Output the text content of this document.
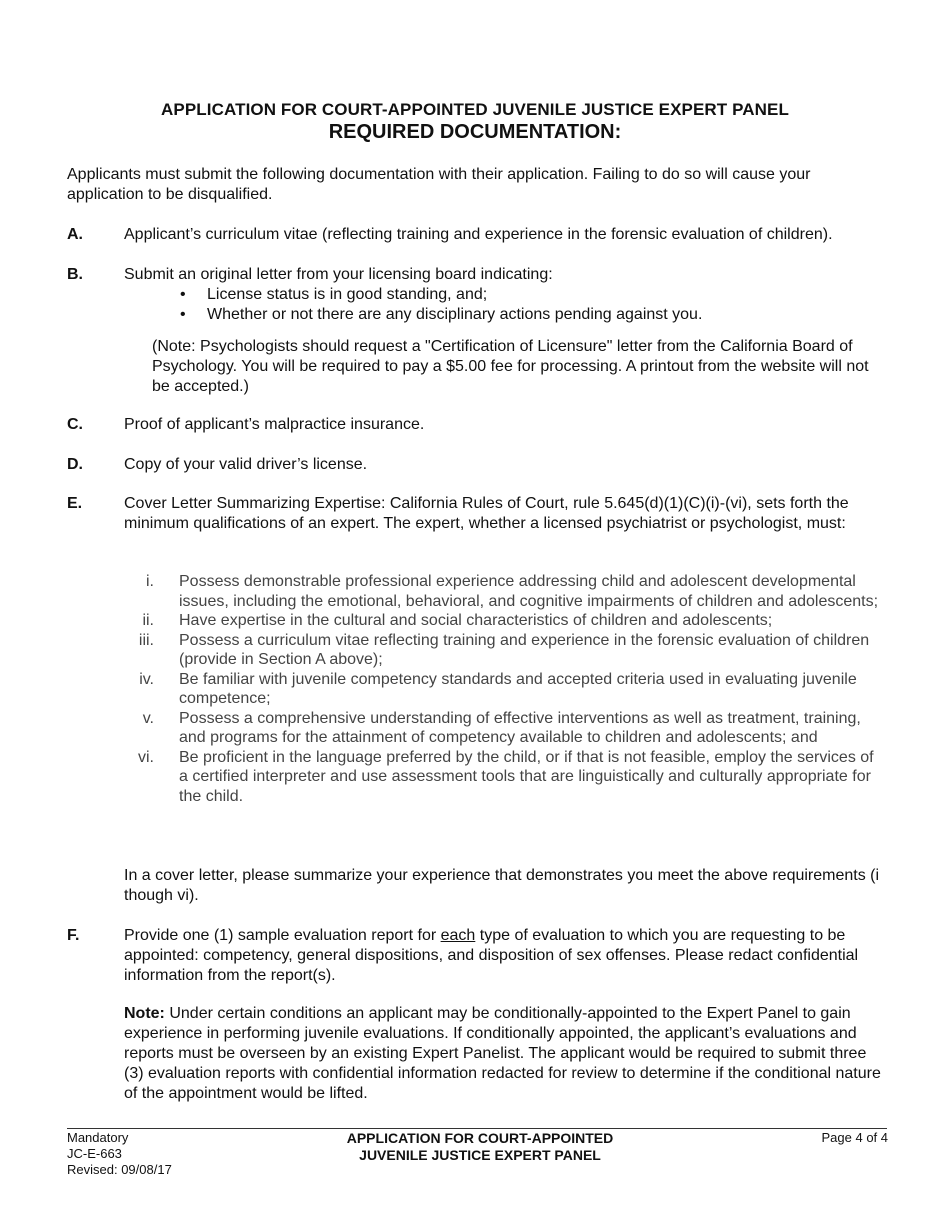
APPLICATION FOR COURT-APPOINTED JUVENILE JUSTICE EXPERT PANEL
REQUIRED DOCUMENTATION:
Applicants must submit the following documentation with their application. Failing to do so will cause your application to be disqualified.
A.	Applicant’s curriculum vitae (reflecting training and experience in the forensic evaluation of children).
B.	Submit an original letter from your licensing board indicating:
• License status is in good standing, and;
• Whether or not there are any disciplinary actions pending against you.
(Note: Psychologists should request a "Certification of Licensure" letter from the California Board of Psychology. You will be required to pay a $5.00 fee for processing. A printout from the website will not be accepted.)
C.	Proof of applicant’s malpractice insurance.
D.	Copy of your valid driver’s license.
E.	Cover Letter Summarizing Expertise: California Rules of Court, rule 5.645(d)(1)(C)(i)-(vi), sets forth the minimum qualifications of an expert. The expert, whether a licensed psychiatrist or psychologist, must:
i. Possess demonstrable professional experience addressing child and adolescent developmental issues, including the emotional, behavioral, and cognitive impairments of children and adolescents;
ii. Have expertise in the cultural and social characteristics of children and adolescents;
iii. Possess a curriculum vitae reflecting training and experience in the forensic evaluation of children (provide in Section A above);
iv. Be familiar with juvenile competency standards and accepted criteria used in evaluating juvenile competence;
v. Possess a comprehensive understanding of effective interventions as well as treatment, training, and programs for the attainment of competency available to children and adolescents; and
vi. Be proficient in the language preferred by the child, or if that is not feasible, employ the services of a certified interpreter and use assessment tools that are linguistically and culturally appropriate for the child.
In a cover letter, please summarize your experience that demonstrates you meet the above requirements (i though vi).
F.	Provide one (1) sample evaluation report for each type of evaluation to which you are requesting to be appointed: competency, general dispositions, and disposition of sex offenses. Please redact confidential information from the report(s).
Note: Under certain conditions an applicant may be conditionally-appointed to the Expert Panel to gain experience in performing juvenile evaluations. If conditionally appointed, the applicant’s evaluations and reports must be overseen by an existing Expert Panelist. The applicant would be required to submit three (3) evaluation reports with confidential information redacted for review to determine if the conditional nature of the appointment would be lifted.
Mandatory
JC-E-663
Revised: 09/08/17
APPLICATION FOR COURT-APPOINTED
JUVENILE JUSTICE EXPERT PANEL
Page 4 of 4
